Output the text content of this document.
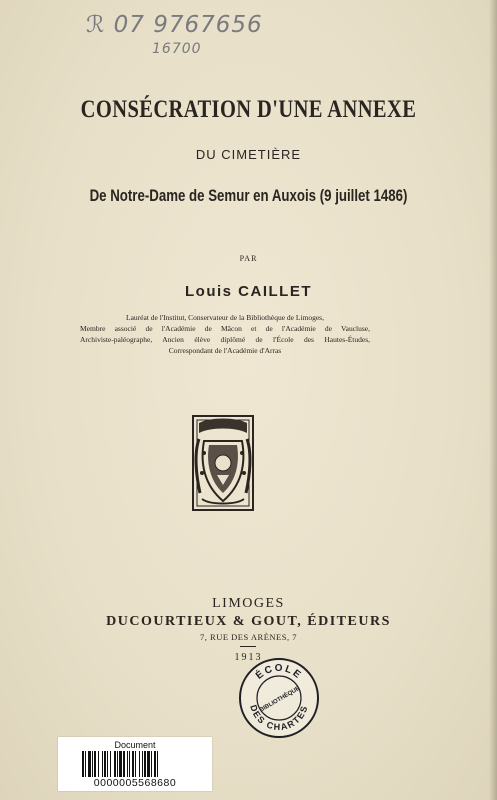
ℛ 07 9767656
16700
CONSÉCRATION D'UNE ANNEXE
DU CIMETIÈRE
De Notre-Dame de Semur en Auxois (9 juillet 1486)
PAR
Louis CAILLET
Lauréat de l'Institut, Conservateur de la Bibliothèque de Limoges,
Membre associé de l'Académie de Mâcon et de l'Académie de Vaucluse,
Archiviste-paléographe, Ancien élève diplômé de l'École des Hautes-Études,
Correspondant de l'Académie d'Arras
LIMOGES
DUCOURTIEUX & GOUT, ÉDITEURS
7, RUE DES ARÈNES, 7
1913
ÉCOLE
BIBLIOTHÈQUE
DES CHARTES
Document
0000005568680
